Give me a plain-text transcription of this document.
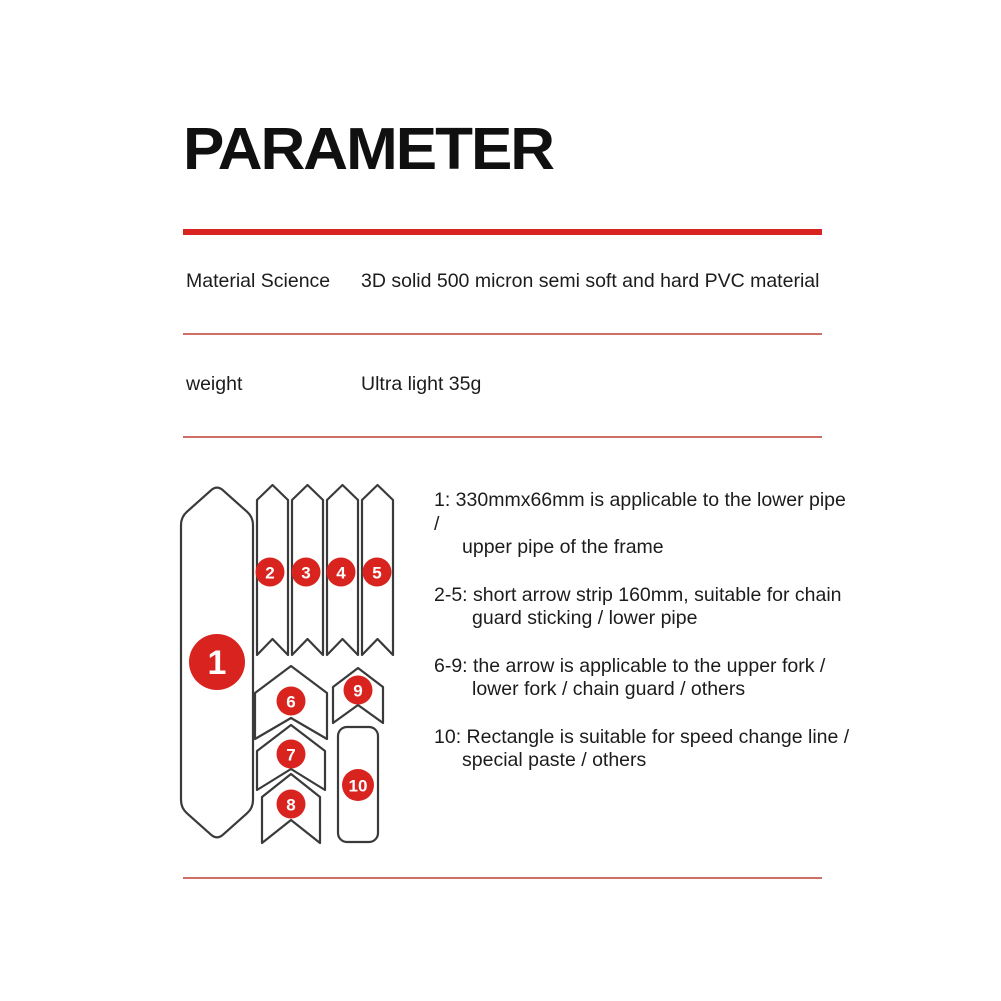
PARAMETER
Material Science 3D solid 500 micron semi soft and hard PVC material
weight	Ultra light 35g
1
2 3 4 5
6
7
8
9
10
1: 330mmx66mm is applicable to the lower pipe /
upper pipe of the frame
2-5: short arrow strip 160mm, suitable for chain
guard sticking / lower pipe
6-9: the arrow is applicable to the upper fork /
lower fork / chain guard / others
10: Rectangle is suitable for speed change line /
special paste / others
